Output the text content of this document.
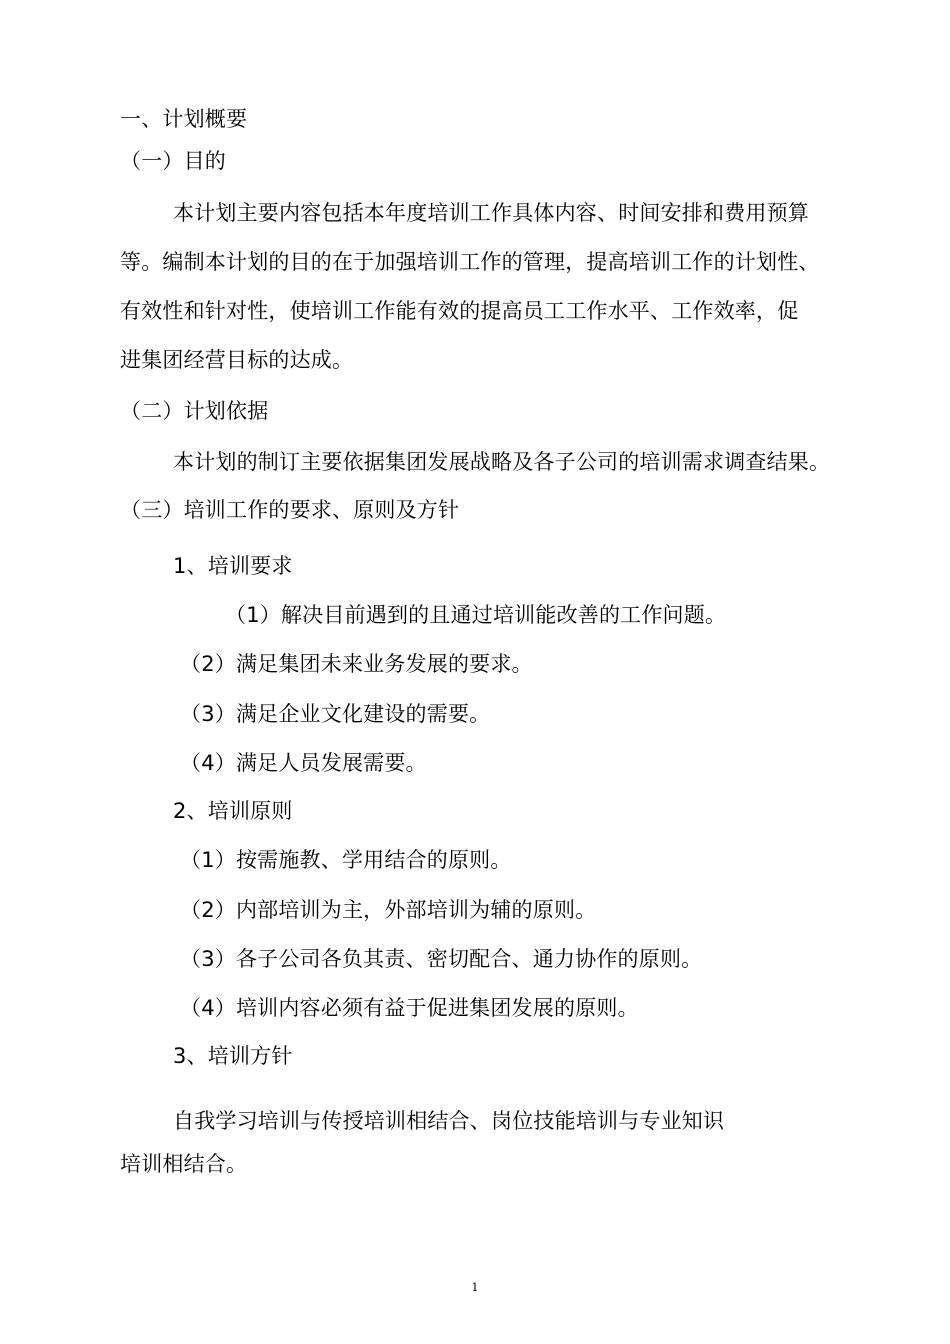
一、计划概要
（一）目的
本计划主要内容包括本年度培训工作具体内容、时间安排和费用预算
等。编制本计划的目的在于加强培训工作的管理，提高培训工作的计划性、
有效性和针对性，使培训工作能有效的提高员工工作水平、工作效率，促
进集团经营目标的达成。
（二）计划依据
本计划的制订主要依据集团发展战略及各子公司的培训需求调查结果。
（三）培训工作的要求、原则及方针
1、培训要求
（1）解决目前遇到的且通过培训能改善的工作问题。
（2）满足集团未来业务发展的要求。
（3）满足企业文化建设的需要。
（4）满足人员发展需要。
2、培训原则
（1）按需施教、学用结合的原则。
（2）内部培训为主，外部培训为辅的原则。
（3）各子公司各负其责、密切配合、通力协作的原则。
（4）培训内容必须有益于促进集团发展的原则。
3、培训方针
自我学习培训与传授培训相结合、岗位技能培训与专业知识
培训相结合。
1
